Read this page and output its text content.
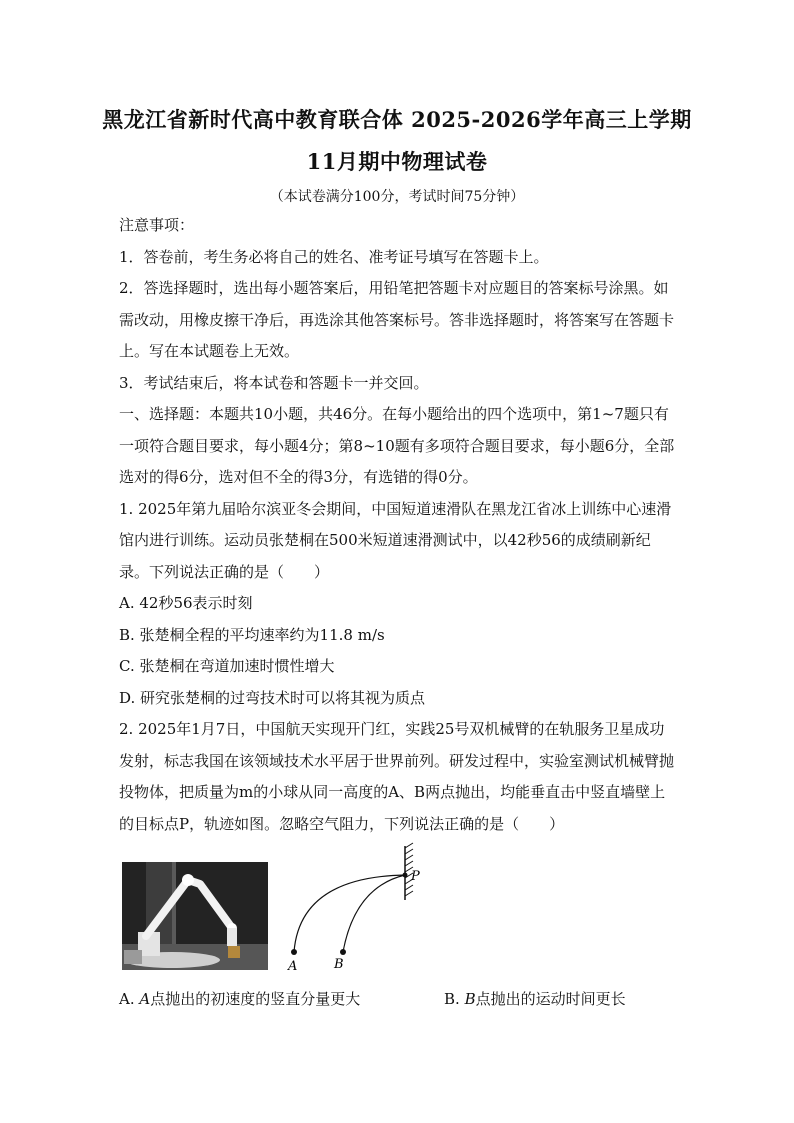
黑龙江省新时代高中教育联合体 2025-2026学年高三上学期
11月期中物理试卷
（本试卷满分100分，考试时间75分钟）

注意事项：

1．答卷前，考生务必将自己的姓名、准考证号填写在答题卡上。

2．答选择题时，选出每小题答案后，用铅笔把答题卡对应题目的答案标号涂黑。如需改动，用橡皮擦干净后，再选涂其他答案标号。答非选择题时，将答案写在答题卡上。写在本试题卷上无效。

3．考试结束后，将本试卷和答题卡一并交回。

一、选择题：本题共10小题，共46分。在每小题给出的四个选项中，第1~7题只有一项符合题目要求，每小题4分；第8~10题有多项符合题目要求，每小题6分，全部选对的得6分，选对但不全的得3分，有选错的得0分。

1. 2025年第九届哈尔滨亚冬会期间，中国短道速滑队在黑龙江省冰上训练中心速滑馆内进行训练。运动员张楚桐在500米短道速滑测试中，以42秒56的成绩刷新纪录。下列说法正确的是（　　）

A. 42秒56表示时刻

B. 张楚桐全程的平均速率约为11.8 m/s

C. 张楚桐在弯道加速时惯性增大

D. 研究张楚桐的过弯技术时可以将其视为质点

2. 2025年1月7日，中国航天实现开门红，实践25号双机械臂的在轨服务卫星成功发射，标志我国在该领域技术水平居于世界前列。研发过程中，实验室测试机械臂抛投物体，把质量为m的小球从同一高度的A、B两点抛出，均能垂直击中竖直墙壁上的目标点P，轨迹如图。忽略空气阻力，下列说法正确的是（　　）

P
A	B
A. A点抛出的初速度的竖直分量更大	B. B点抛出的运动时间更长
